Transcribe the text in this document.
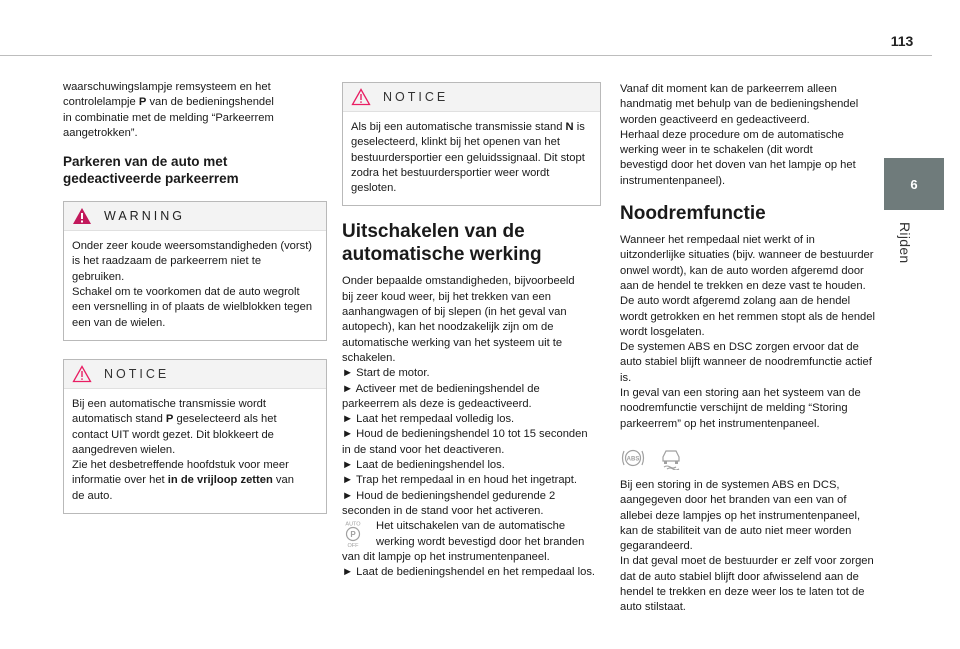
113
6
Rijden

waarschuwingslampje remsysteem en het
controlelampje P van de bedieningshendel
in combinatie met de melding “Parkeerrem
aangetrokken”.

Parkeren van de auto met
gedeactiveerde parkeerrem
WARNING

Onder zeer koude weersomstandigheden (vorst)
is het raadzaam de parkeerrem niet te
gebruiken.
Schakel om te voorkomen dat de auto wegrolt
een versnelling in of plaats de wielblokken tegen
een van de wielen.

NOTICE

Bij een automatische transmissie wordt
automatisch stand P geselecteerd als het
contact UIT wordt gezet. Dit blokkeert de
aangedreven wielen.
Zie het desbetreffende hoofdstuk voor meer
informatie over het in de vrijloop zetten van
de auto.

NOTICE

Als bij een automatische transmissie stand N is
geselecteerd, klinkt bij het openen van het
bestuurdersportier een geluidssignaal. Dit stopt
zodra het bestuurdersportier weer wordt
gesloten.

Uitschakelen van de
automatische werking

Onder bepaalde omstandigheden, bijvoorbeeld
bij zeer koud weer, bij het trekken van een
aanhangwagen of bij slepen (in het geval van
autopech), kan het noodzakelijk zijn om de
automatische werking van het systeem uit te
schakelen.
► Start de motor.
► Activeer met de bedieningshendel de
parkeerrem als deze is gedeactiveerd.
► Laat het rempedaal volledig los.
► Houd de bedieningshendel 10 tot 15 seconden
in de stand voor het deactiveren.
► Laat de bedieningshendel los.
► Trap het rempedaal in en houd het ingetrapt.
► Houd de bedieningshendel gedurende 2
seconden in de stand voor het activeren.

AUTO
P
OFF

Het uitschakelen van de automatische
werking wordt bevestigd door het branden

van dit lampje op het instrumentenpaneel.
► Laat de bedieningshendel en het rempedaal los.

Vanaf dit moment kan de parkeerrem alleen
handmatig met behulp van de bedieningshendel
worden geactiveerd en gedeactiveerd.
Herhaal deze procedure om de automatische
werking weer in te schakelen (dit wordt
bevestigd door het doven van het lampje op het
instrumentenpaneel).

Noodremfunctie

Wanneer het rempedaal niet werkt of in
uitzonderlijke situaties (bijv. wanneer de bestuurder
onwel wordt), kan de auto worden afgeremd door
aan de hendel te trekken en deze vast te houden.
De auto wordt afgeremd zolang aan de hendel
wordt getrokken en het remmen stopt als de hendel
wordt losgelaten.
De systemen ABS en DSC zorgen ervoor dat de
auto stabiel blijft wanneer de noodremfunctie actief
is.
In geval van een storing aan het systeem van de
noodremfunctie verschijnt de melding “Storing
parkeerrem” op het instrumentenpaneel.

ABS

Bij een storing in de systemen ABS en DCS,
aangegeven door het branden van een van of
allebei deze lampjes op het instrumentenpaneel,
kan de stabiliteit van de auto niet meer worden
gegarandeerd.
In dat geval moet de bestuurder er zelf voor zorgen
dat de auto stabiel blijft door afwisselend aan de
hendel te trekken en deze weer los te laten tot de
auto stilstaat.
